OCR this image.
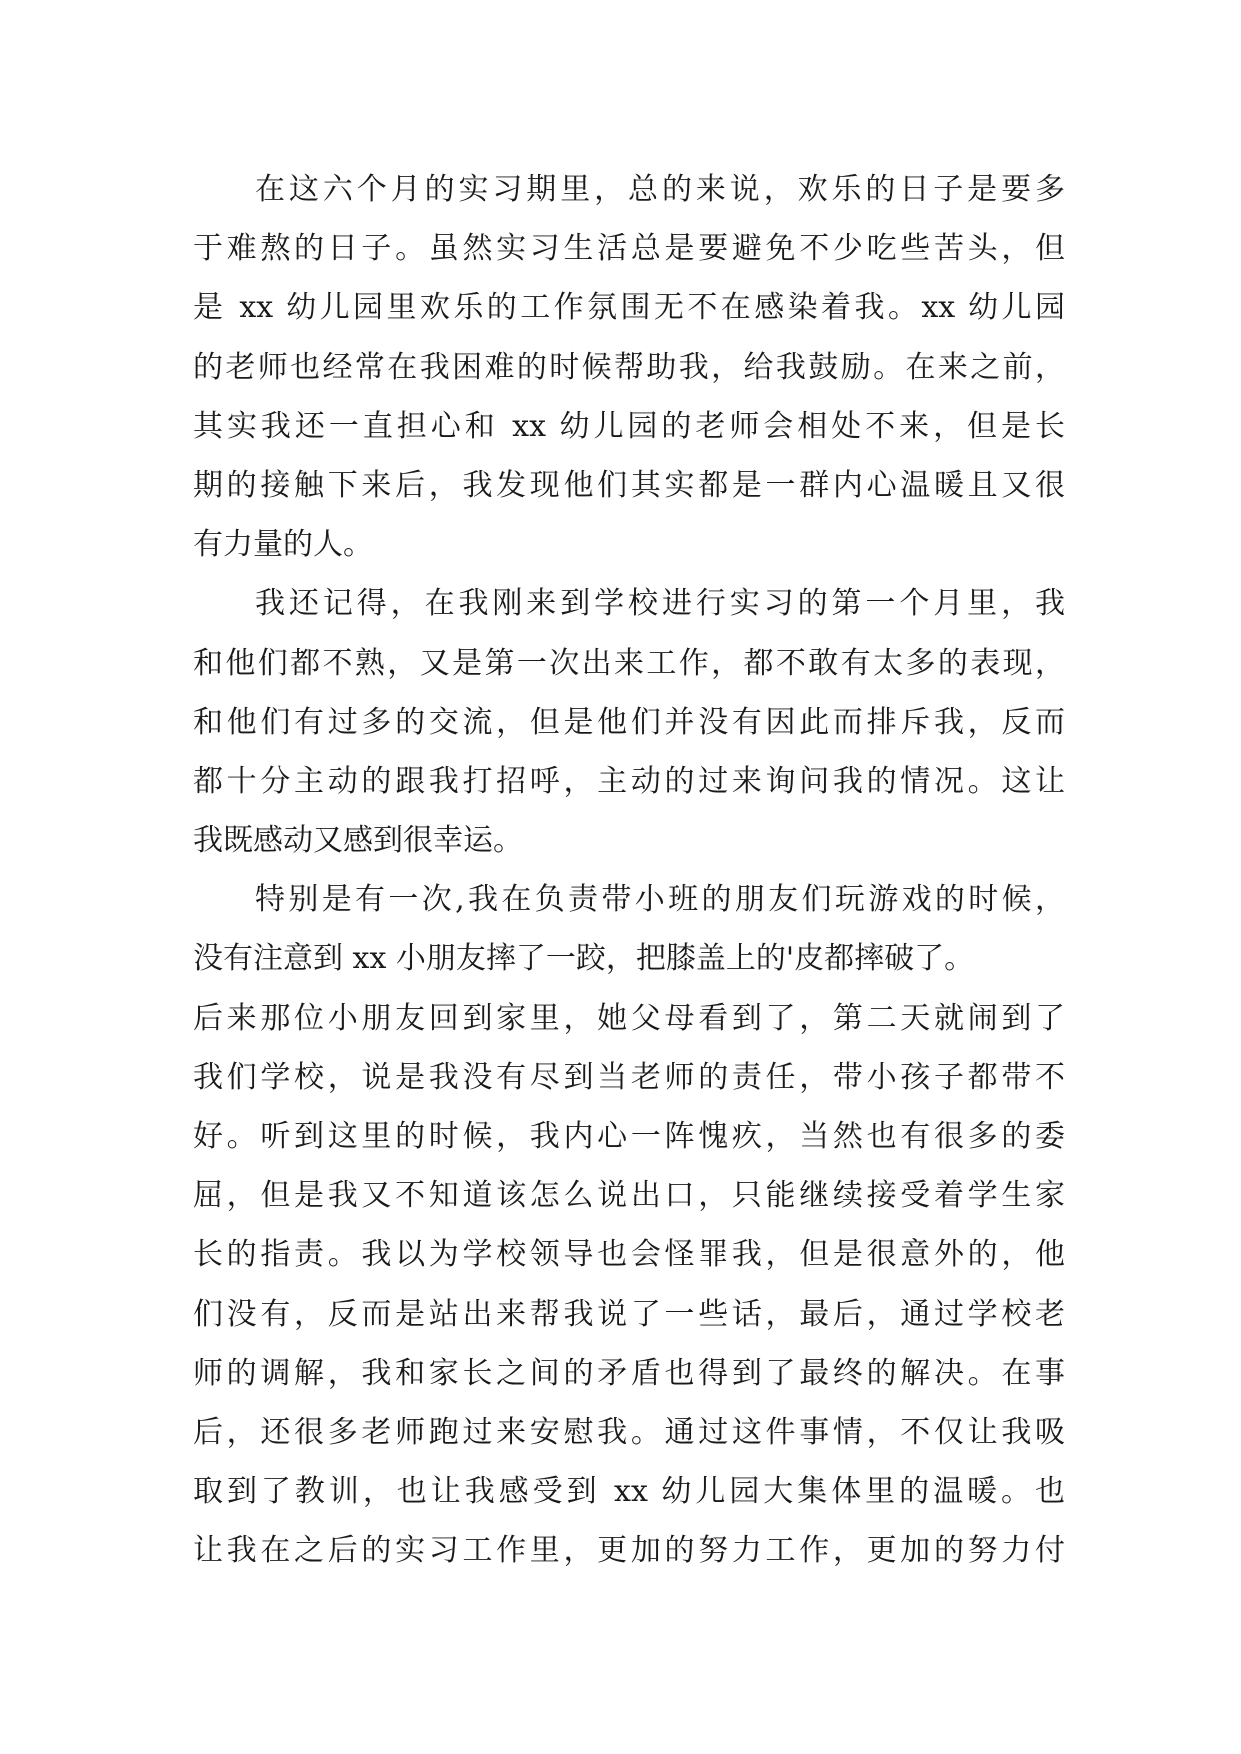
在这六个月的实习期里，总的来说，欢乐的日子是要多
于难熬的日子。虽然实习生活总是要避免不少吃些苦头，但
是 xx 幼儿园里欢乐的工作氛围无不在感染着我。xx 幼儿园
的老师也经常在我困难的时候帮助我，给我鼓励。在来之前，
其实我还一直担心和 xx 幼儿园的老师会相处不来，但是长
期的接触下来后，我发现他们其实都是一群内心温暖且又很
有力量的人。
我还记得，在我刚来到学校进行实习的第一个月里，我
和他们都不熟，又是第一次出来工作，都不敢有太多的表现，
和他们有过多的交流，但是他们并没有因此而排斥我，反而
都十分主动的跟我打招呼，主动的过来询问我的情况。这让
我既感动又感到很幸运。
特别是有一次,我在负责带小班的朋友们玩游戏的时候，
没有注意到 xx 小朋友摔了一跤，把膝盖上的'皮都摔破了。
后来那位小朋友回到家里，她父母看到了，第二天就闹到了
我们学校，说是我没有尽到当老师的责任，带小孩子都带不
好。听到这里的时候，我内心一阵愧疚，当然也有很多的委
屈，但是我又不知道该怎么说出口，只能继续接受着学生家
长的指责。我以为学校领导也会怪罪我，但是很意外的，他
们没有，反而是站出来帮我说了一些话，最后，通过学校老
师的调解，我和家长之间的矛盾也得到了最终的解决。在事
后，还很多老师跑过来安慰我。通过这件事情，不仅让我吸
取到了教训，也让我感受到 xx 幼儿园大集体里的温暖。也
让我在之后的实习工作里，更加的努力工作，更加的努力付
